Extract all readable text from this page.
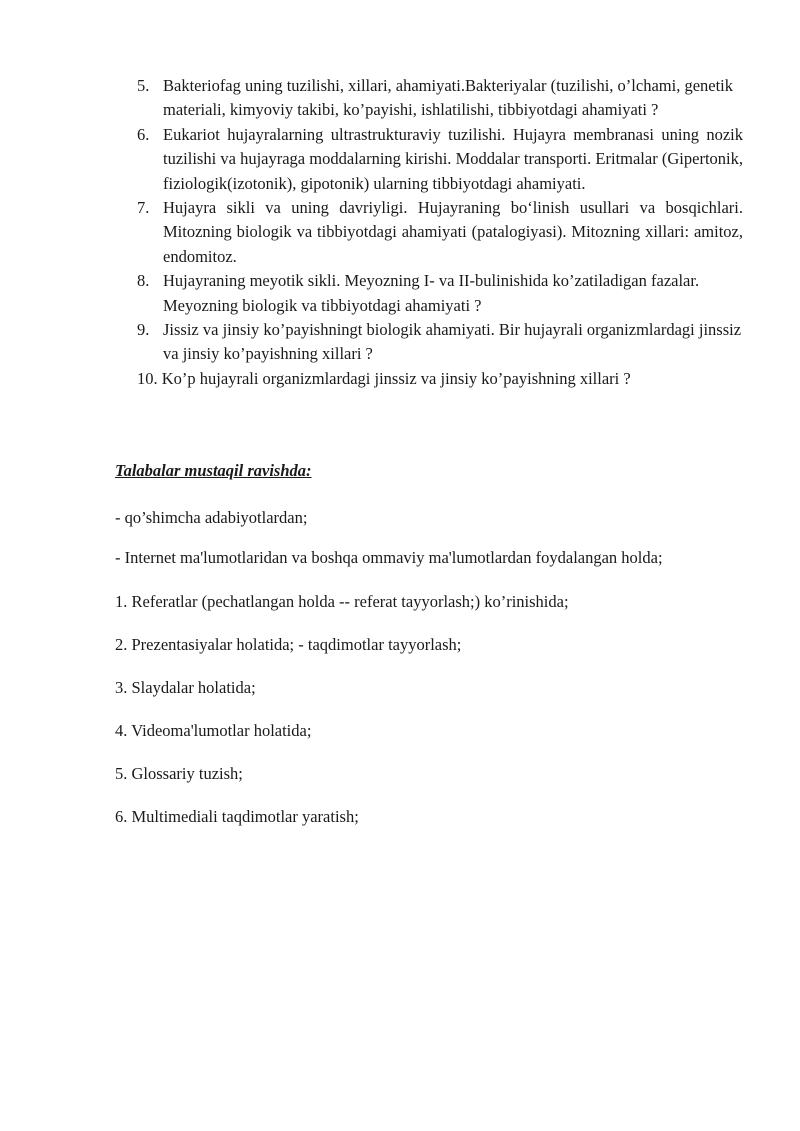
5. Bakteriofag uning tuzilishi, xillari, ahamiyati.Bakteriyalar (tuzilishi, o’lchami, genetik materiali, kimyoviy takibi, ko’payishi, ishlatilishi, tibbiyotdagi ahamiyati ?
6. Eukariot hujayralarning ultrastrukturaviy tuzilishi. Hujayra membranasi uning nozik tuzilishi va hujayraga moddalarning kirishi. Moddalar transporti. Eritmalar (Gipertonik, fiziologik(izotonik), gipotonik) ularning tibbiyotdagi ahamiyati.
7. Hujayra sikli va uning davriyligi. Hujayraning bo‘linish usullari va bosqichlari. Mitozning biologik va tibbiyotdagi ahamiyati (patalogiyasi). Mitozning xillari: amitoz, endomitoz.
8. Hujayraning meyotik sikli. Meyozning I- va II-bulinishida ko’zatiladigan fazalar. Meyozning biologik va tibbiyotdagi ahamiyati ?
9. Jissiz va jinsiy ko’payishningt biologik ahamiyati. Bir hujayrali organizmlardagi jinssiz va jinsiy ko’payishning xillari ?
10. Ko’p hujayrali organizmlardagi jinssiz va jinsiy ko’payishning xillari ?

Talabalar mustaqil ravishda:

- qo’shimcha adabiyotlardan;

- Internet ma'lumotlaridan va boshqa ommaviy ma'lumotlardan foydalangan holda;

1. Referatlar (pechatlangan holda -- referat tayyorlash;) ko’rinishida;

2. Prezentasiyalar holatida; - taqdimotlar tayyorlash;

3. Slaydalar holatida;

4. Videoma'lumotlar holatida;

5. Glossariy tuzish;

6. Multimediali taqdimotlar yaratish;
